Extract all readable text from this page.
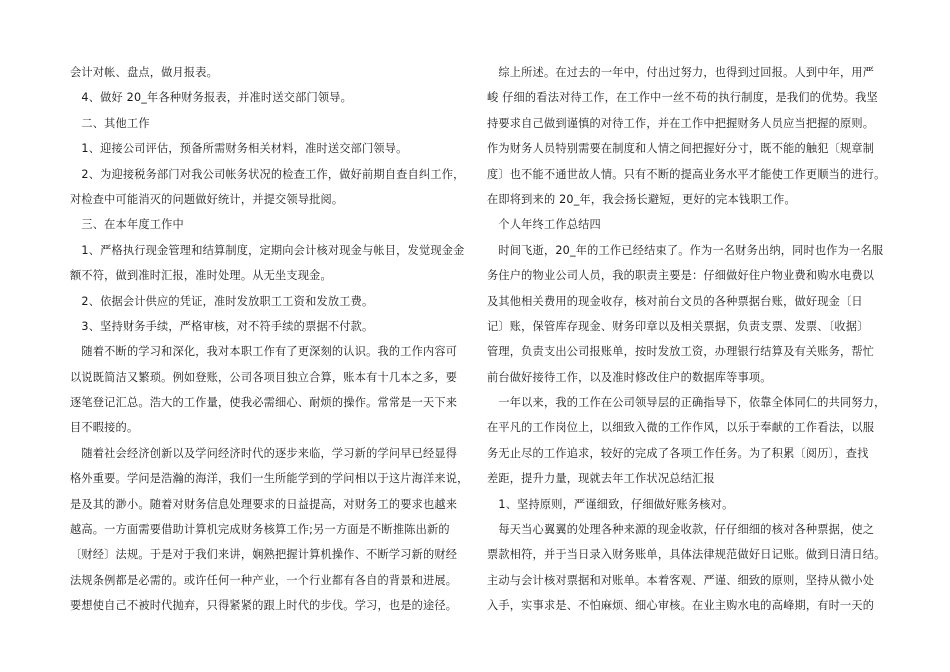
会计对帐、盘点，做月报表。
　4、做好 20_年各种财务报表，并准时送交部门领导。
　二、其他工作
　1、迎接公司评估，预备所需财务相关材料，准时送交部门领导。
　2、为迎接税务部门对我公司帐务状况的检查工作，做好前期自查自纠工作，
对检查中可能消灭的问题做好统计，并提交领导批阅。
　三、在本年度工作中
　1、严格执行现金管理和结算制度，定期向会计核对现金与帐目，发觉现金金
额不符，做到准时汇报，准时处理。从无坐支现金。
　2、依据会计供应的凭证，准时发放职工工资和发放工费。
　3、坚持财务手续，严格审核，对不符手续的票据不付款。
　随着不断的学习和深化，我对本职工作有了更深刻的认识。我的工作内容可
以说既简洁又繁琐。例如登账，公司各项目独立合算，账本有十几本之多，要
逐笔登记汇总。浩大的工作量，使我必需细心、耐烦的操作。常常是一天下来
目不暇接的。
　随着社会经济创新以及学问经济时代的逐步来临，学习新的学问早已经显得
格外重要。学问是浩瀚的海洋，我们一生所能学到的学问相以于这片海洋来说，
是及其的渺小。随着对财务信息处理要求的日益提高，对财务工的要求也越来
越高。一方面需要借助计算机完成财务核算工作;另一方面是不断推陈出新的
〔财经〕法规。于是对于我们来讲，娴熟把握计算机操作、不断学习新的财经
法规条例都是必需的。或许任何一种产业，一个行业都有各自的背景和进展。
要想使自己不被时代抛弃，只得紧紧的跟上时代的步伐。学习，也是的途径。
　综上所述。在过去的一年中，付出过努力，也得到过回报。人到中年，用严
峻 仔细的看法对待工作，在工作中一丝不苟的执行制度，是我们的优势。我坚
持要求自己做到谨慎的对待工作，并在工作中把握财务人员应当把握的原则。
作为财务人员特别需要在制度和人情之间把握好分寸，既不能的触犯〔规章制
度〕也不能不通世故人情。只有不断的提高业务水平才能使工作更顺当的进行。
在即将到来的 20_年，我会扬长避短，更好的完本钱职工作。
　个人年终工作总结四
　时间飞逝，20_年的工作已经结束了。作为一名财务出纳，同时也作为一名服
务住户的物业公司人员，我的职责主要是：仔细做好住户物业费和购水电费以
及其他相关费用的现金收存，核对前台文员的各种票据台账，做好现金〔日
记〕账，保管库存现金、财务印章以及相关票据，负责支票、发票、〔收据〕
管理，负责支出公司报账单，按时发放工资，办理银行结算及有关账务，帮忙
前台做好接待工作，以及准时修改住户的数据库等事项。
　一年以来，我的工作在公司领导层的正确指导下，依靠全体同仁的共同努力，
在平凡的工作岗位上，以细致入微的工作作风，以乐于奉献的工作看法，以服
务无止尽的工作追求，较好的完成了各项工作任务。为了积累〔阅历〕，查找
差距，提升力量，现就去年工作状况总结汇报
　1、坚持原则，严谨细致，仔细做好账务核对。
　每天当心翼翼的处理各种来源的现金收款，仔仔细细的核对各种票据，使之
票款相符，并于当日录入财务账单，具体法律规范做好日记账。做到日清日结。
主动与会计核对票据和对账单。本着客观、严谨、细致的原则，坚持从微小处
入手，实事求是、不怕麻烦、细心审核。在业主购水电的高峰期，有时一天的
